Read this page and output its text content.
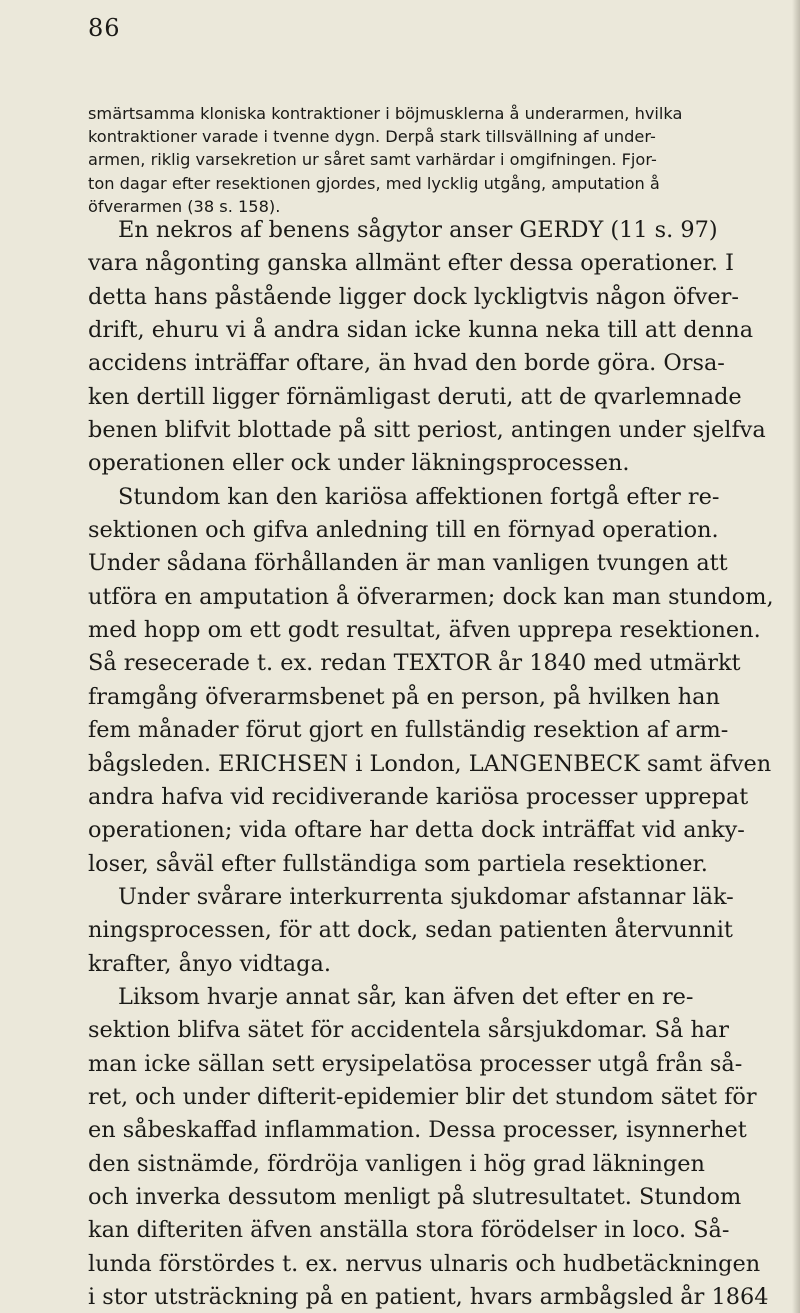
86
smärtsamma kloniska kontraktioner i böjmusklerna å underarmen, hvilka
kontraktioner varade i tvenne dygn. Derpå stark tillsvällning af under-
armen, riklig varsekretion ur såret samt varhärdar i omgifningen. Fjor-
ton dagar efter resektionen gjordes, med lycklig utgång, amputation å
öfverarmen (38 s. 158).
En nekros af benens sågytor anser GERDY (11 s. 97)
vara någonting ganska allmänt efter dessa operationer. I
detta hans påstående ligger dock lyckligtvis någon öfver-
drift, ehuru vi å andra sidan icke kunna neka till att denna
accidens inträffar oftare, än hvad den borde göra. Orsa-
ken dertill ligger förnämligast deruti, att de qvarlemnade
benen blifvit blottade på sitt periost, antingen under sjelfva
operationen eller ock under läkningsprocessen.
Stundom kan den kariösa affektionen fortgå efter re-
sektionen och gifva anledning till en förnyad operation.
Under sådana förhållanden är man vanligen tvungen att
utföra en amputation å öfverarmen; dock kan man stundom,
med hopp om ett godt resultat, äfven upprepa resektionen.
Så resecerade t. ex. redan TEXTOR år 1840 med utmärkt
framgång öfverarmsbenet på en person, på hvilken han
fem månader förut gjort en fullständig resektion af arm-
bågsleden. ERICHSEN i London, LANGENBECK samt äfven
andra hafva vid recidiverande kariösa processer upprepat
operationen; vida oftare har detta dock inträffat vid anky-
loser, såväl efter fullständiga som partiela resektioner.
Under svårare interkurrenta sjukdomar afstannar läk-
ningsprocessen, för att dock, sedan patienten återvunnit
krafter, ånyo vidtaga.
Liksom hvarje annat sår, kan äfven det efter en re-
sektion blifva sätet för accidentela sårsjukdomar. Så har
man icke sällan sett erysipelatösa processer utgå från så-
ret, och under difterit-epidemier blir det stundom sätet för
en såbeskaffad inflammation. Dessa processer, isynnerhet
den sistnämde, fördröja vanligen i hög grad läkningen
och inverka dessutom menligt på slutresultatet. Stundom
kan difteriten äfven anställa stora förödelser in loco. Så-
lunda förstördes t. ex. nervus ulnaris och hudbetäckningen
i stor utsträckning på en patient, hvars armbågsled år 1864
